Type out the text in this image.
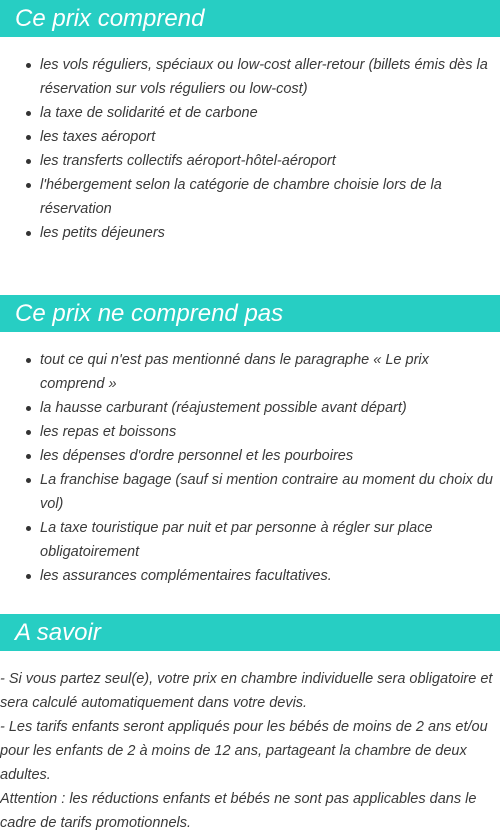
Ce prix comprend
les vols réguliers, spéciaux ou low-cost aller-retour (billets émis dès la réservation sur vols réguliers ou low-cost)
la taxe de solidarité et de carbone
les taxes aéroport
les transferts collectifs aéroport-hôtel-aéroport
l'hébergement selon la catégorie de chambre choisie lors de la réservation
les petits déjeuners
Ce prix ne comprend pas
tout ce qui n'est pas mentionné dans le paragraphe « Le prix comprend »
la hausse carburant (réajustement possible avant départ)
les repas et boissons
les dépenses d'ordre personnel et les pourboires
La franchise bagage (sauf si mention contraire au moment du choix du vol)
La taxe touristique par nuit et par personne à régler sur place obligatoirement
les assurances complémentaires facultatives.
A savoir

- Si vous partez seul(e), votre prix en chambre individuelle sera obligatoire et sera calculé automatiquement dans votre devis.

- Les tarifs enfants seront appliqués pour les bébés de moins de 2 ans et/ou pour les enfants de 2 à moins de 12 ans, partageant la chambre de deux adultes.

Attention : les réductions enfants et bébés ne sont pas applicables dans le cadre de tarifs promotionnels.
